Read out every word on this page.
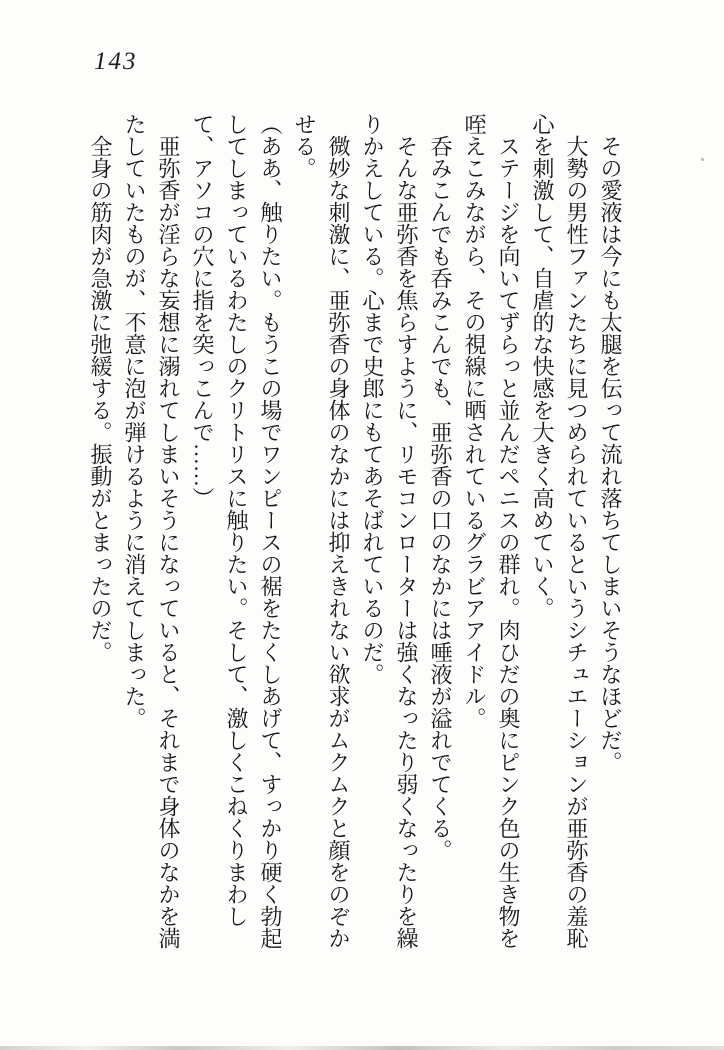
143

その愛液は今にも太腿を伝って流れ落ちてしまいそうなほどだ。

大勢の男性ファンたちに見つめられているというシチュエーションが亜弥香の羞恥心を刺激して、自虐的な快感を大きく高めていく。

ステージを向いてずらっと並んだペニスの群れ。肉ひだの奥にピンク色の生き物を咥えこみながら、その視線に晒されているグラビアアイドル。

呑みこんでも呑みこんでも、亜弥香の口のなかには唾液が溢れでてくる。

そんな亜弥香を焦らすように、リモコンローターは強くなったり弱くなったりを繰りかえしている。心まで史郎にもてあそばれているのだ。

微妙な刺激に、亜弥香の身体のなかには抑えきれない欲求がムクムクと顔をのぞかせる。

（ああ、触りたい。もうこの場でワンピースの裾をたくしあげて、すっかり硬く勃起してしまっているわたしのクリトリスに触りたい。そして、激しくこねくりまわして、アソコの穴に指を突っこんで……）

亜弥香が淫らな妄想に溺れてしまいそうになっていると、それまで身体のなかを満たしていたものが、不意に泡が弾けるように消えてしまった。

全身の筋肉が急激に弛緩する。振動がとまったのだ。
